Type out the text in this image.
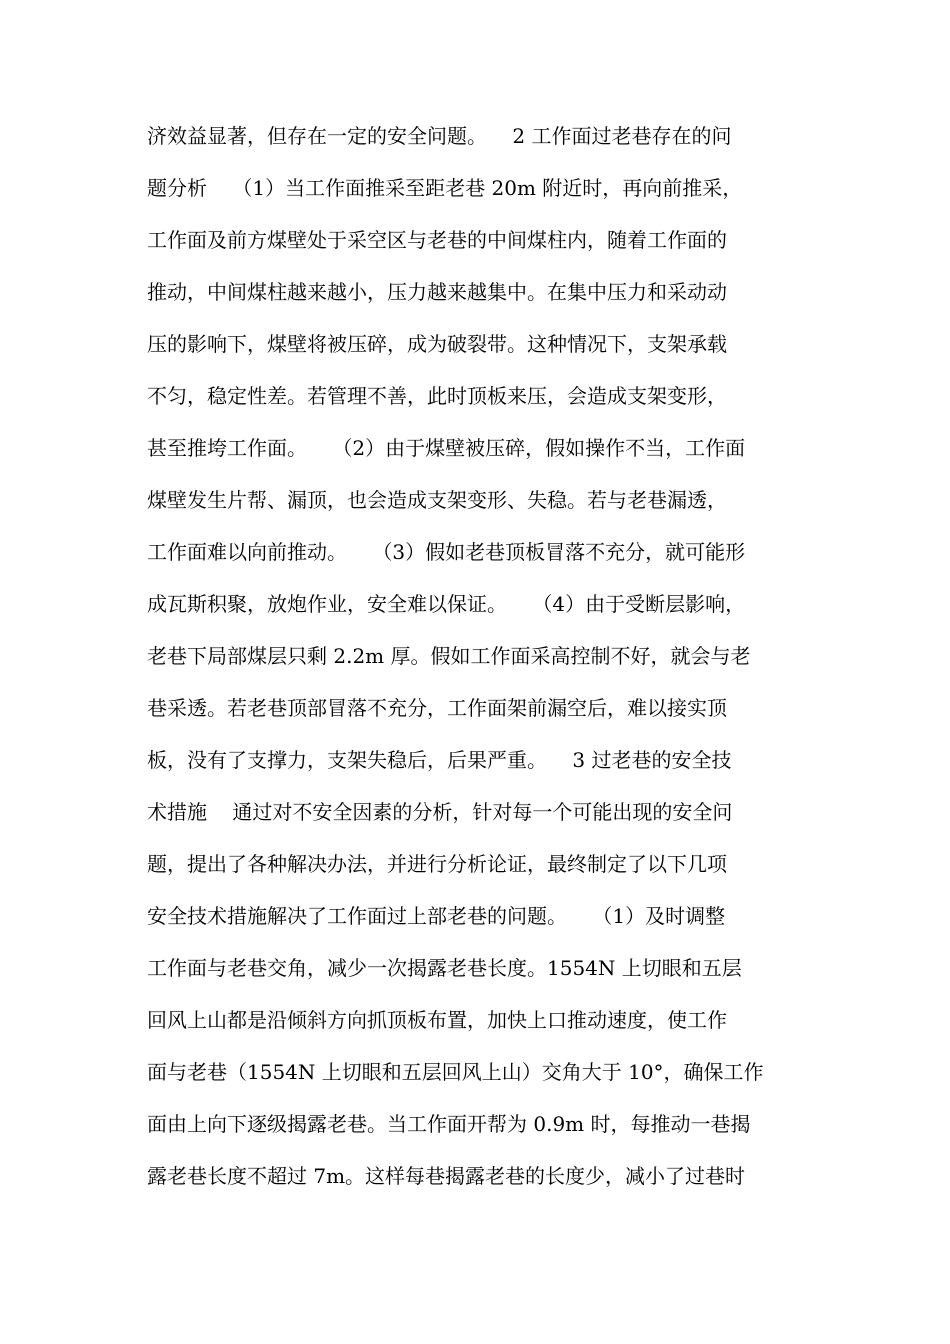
济效益显著，但存在一定的安全问题。    2 工作面过老巷存在的问
题分析    （1）当工作面推采至距老巷 20m 附近时，再向前推采，
工作面及前方煤壁处于采空区与老巷的中间煤柱内，随着工作面的
推动，中间煤柱越来越小，压力越来越集中。在集中压力和采动动
压的影响下，煤壁将被压碎，成为破裂带。这种情况下，支架承载
不匀，稳定性差。若管理不善，此时顶板来压，会造成支架变形，
甚至推垮工作面。    （2）由于煤壁被压碎，假如操作不当，工作面
煤壁发生片帮、漏顶，也会造成支架变形、失稳。若与老巷漏透，
工作面难以向前推动。    （3）假如老巷顶板冒落不充分，就可能形
成瓦斯积聚，放炮作业，安全难以保证。    （4）由于受断层影响，
老巷下局部煤层只剩 2.2m 厚。假如工作面采高控制不好，就会与老
巷采透。若老巷顶部冒落不充分，工作面架前漏空后，难以接实顶
板，没有了支撑力，支架失稳后，后果严重。    3 过老巷的安全技
术措施    通过对不安全因素的分析，针对每一个可能出现的安全问
题，提出了各种解决办法，并进行分析论证，最终制定了以下几项
安全技术措施解决了工作面过上部老巷的问题。    （1）及时调整
工作面与老巷交角，减少一次揭露老巷长度。1554N 上切眼和五层
回风上山都是沿倾斜方向抓顶板布置，加快上口推动速度，使工作
面与老巷（1554N 上切眼和五层回风上山）交角大于 10°，确保工作
面由上向下逐级揭露老巷。当工作面开帮为 0.9m 时，每推动一巷揭
露老巷长度不超过 7m。这样每巷揭露老巷的长度少，减小了过巷时
